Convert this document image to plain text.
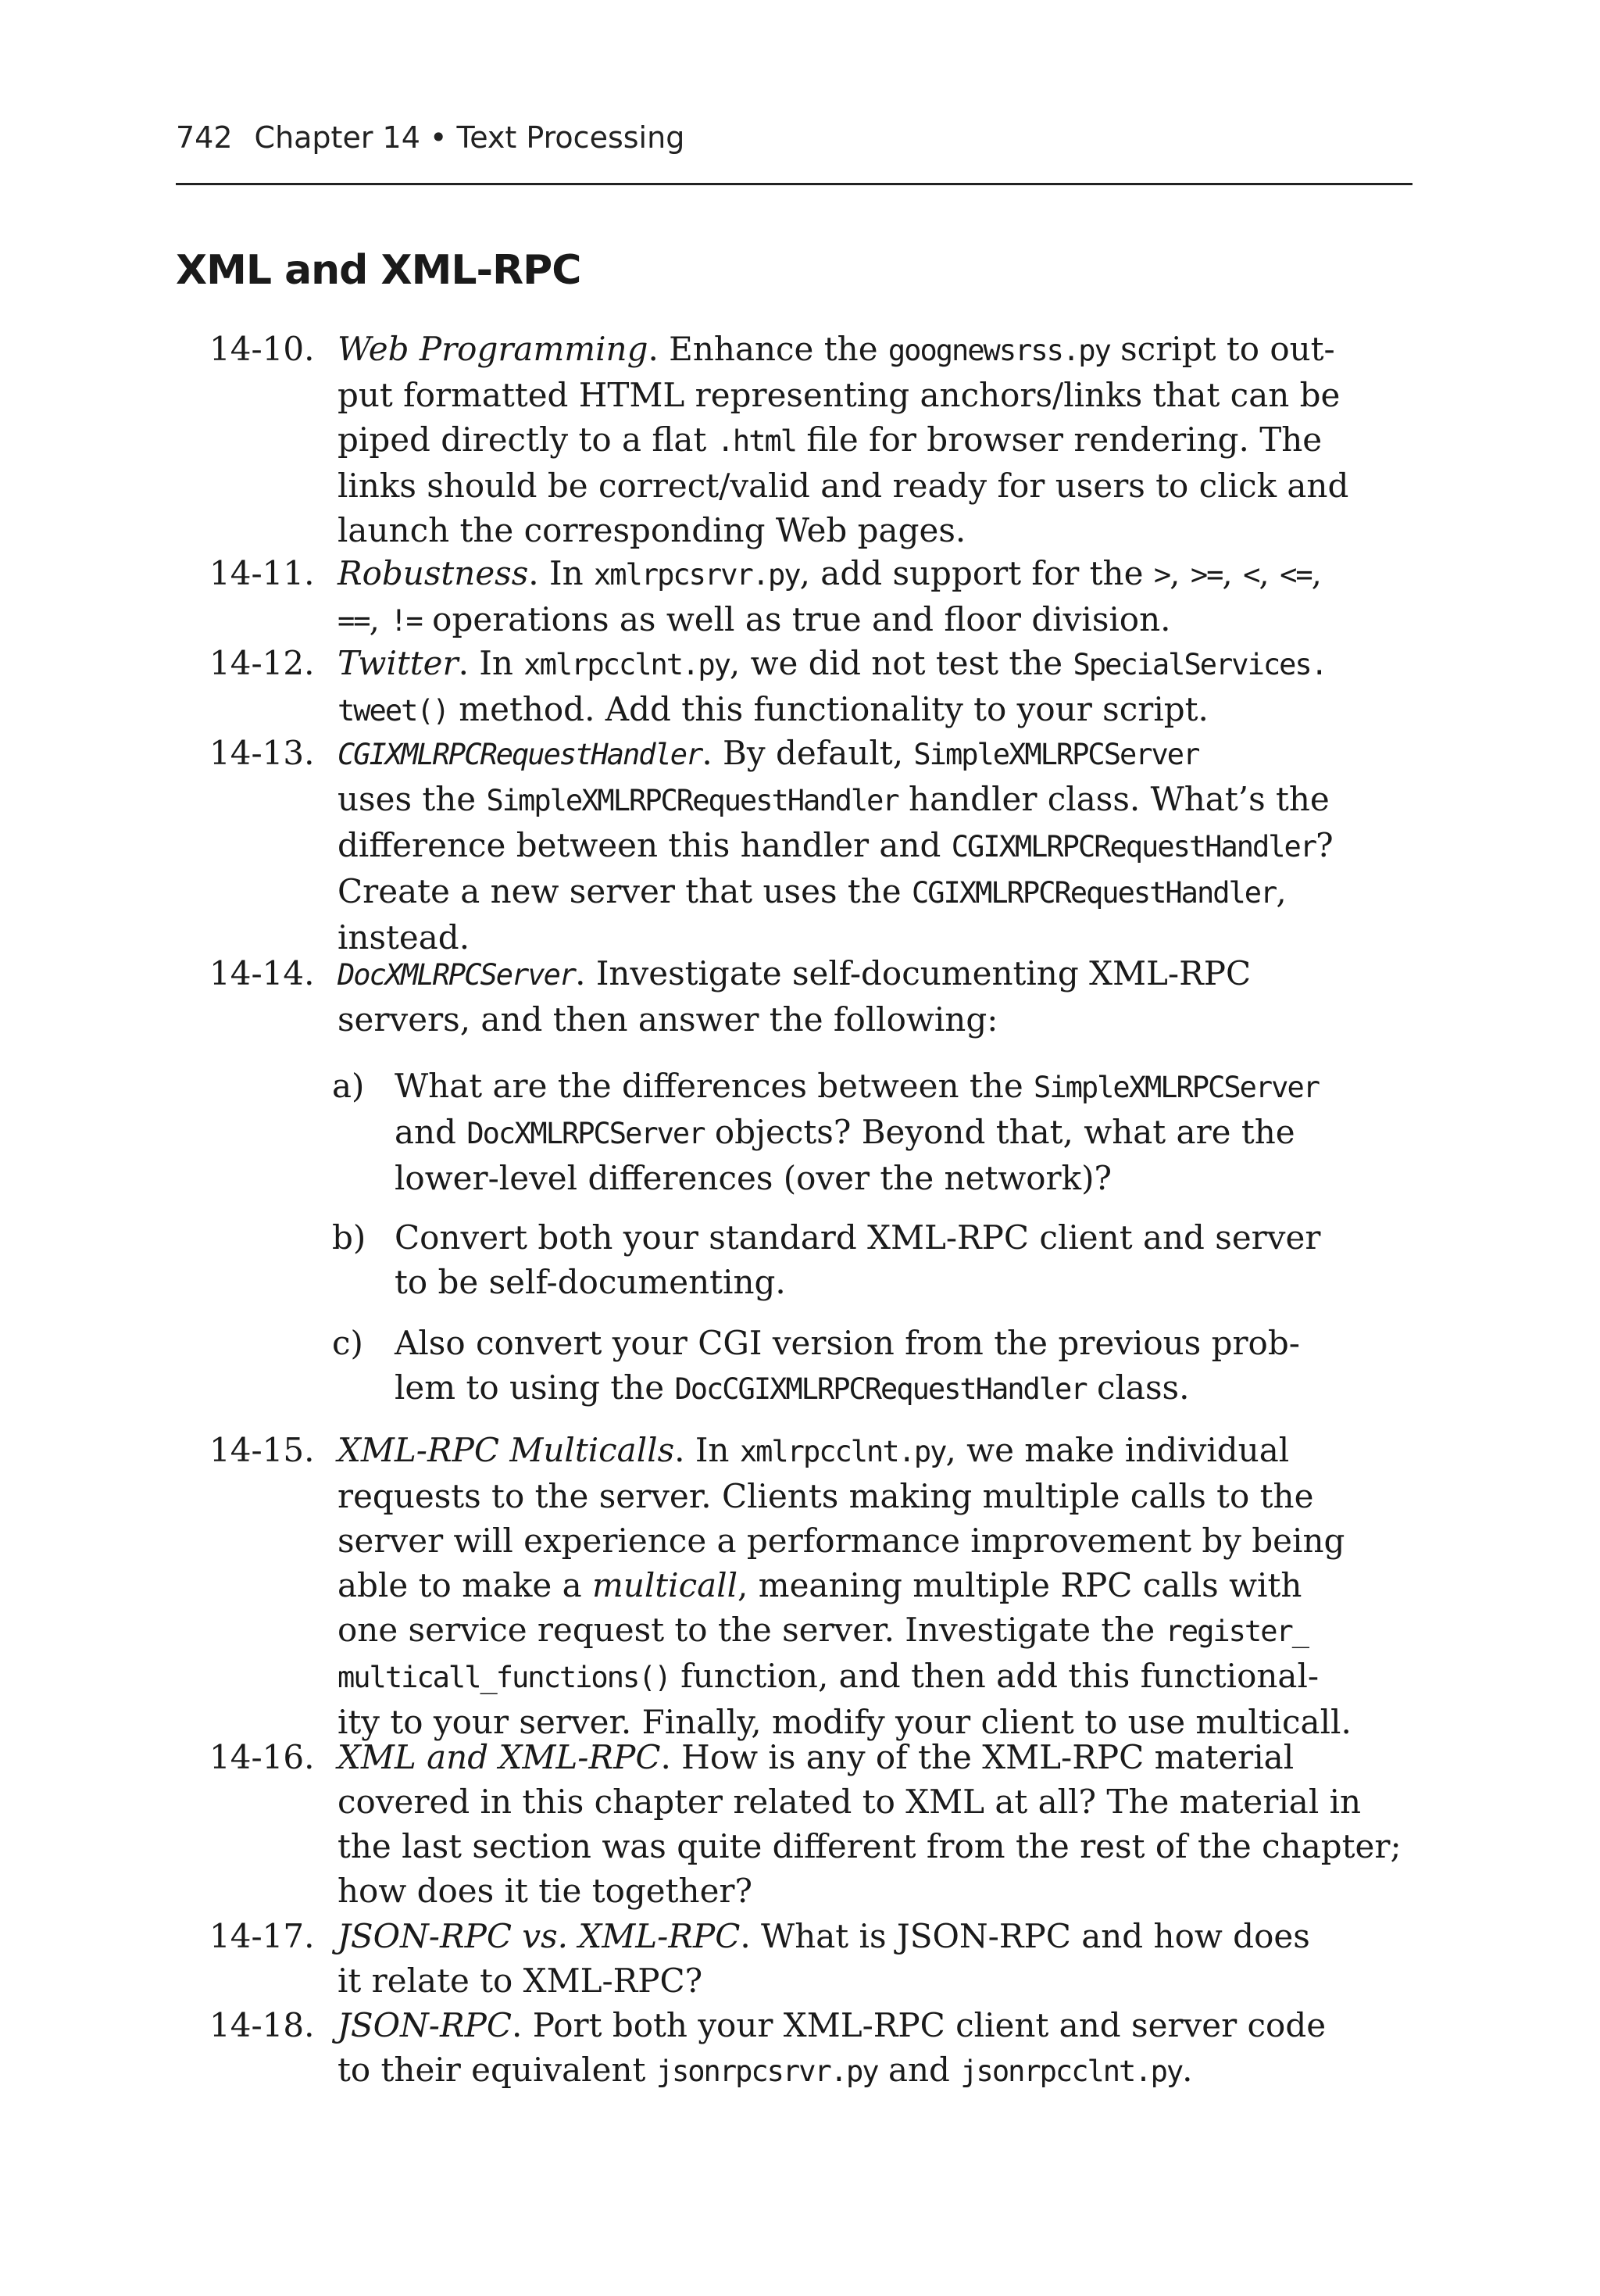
742 Chapter 14 • Text Processing
XML and XML-RPC
14-10. Web Programming. Enhance the goognewsrss.py script to out-
put formatted HTML representing anchors/links that can be
piped directly to a flat .html file for browser rendering. The
links should be correct/valid and ready for users to click and
launch the corresponding Web pages.
14-11. Robustness. In xmlrpcsrvr.py, add support for the >, >=, <, <=,
==, != operations as well as true and floor division.
14-12. Twitter. In xmlrpcclnt.py, we did not test the SpecialServices.
tweet() method. Add this functionality to your script.
14-13. CGIXMLRPCRequestHandler. By default, SimpleXMLRPCServer
uses the SimpleXMLRPCRequestHandler handler class. What’s the
difference between this handler and CGIXMLRPCRequestHandler?
Create a new server that uses the CGIXMLRPCRequestHandler,
instead.
14-14. DocXMLRPCServer. Investigate self-documenting XML-RPC
servers, and then answer the following:
a) What are the differences between the SimpleXMLRPCServer
and DocXMLRPCServer objects? Beyond that, what are the
lower-level differences (over the network)?
b) Convert both your standard XML-RPC client and server
to be self-documenting.
c) Also convert your CGI version from the previous prob-
lem to using the DocCGIXMLRPCRequestHandler class.
14-15. XML-RPC Multicalls. In xmlrpcclnt.py, we make individual
requests to the server. Clients making multiple calls to the
server will experience a performance improvement by being
able to make a multicall, meaning multiple RPC calls with
one service request to the server. Investigate the register_
multicall_functions() function, and then add this functional-
ity to your server. Finally, modify your client to use multicall.
14-16. XML and XML-RPC. How is any of the XML-RPC material
covered in this chapter related to XML at all? The material in
the last section was quite different from the rest of the chapter;
how does it tie together?
14-17. JSON-RPC vs. XML-RPC. What is JSON-RPC and how does
it relate to XML-RPC?
14-18. JSON-RPC. Port both your XML-RPC client and server code
to their equivalent jsonrpcsrvr.py and jsonrpcclnt.py.
